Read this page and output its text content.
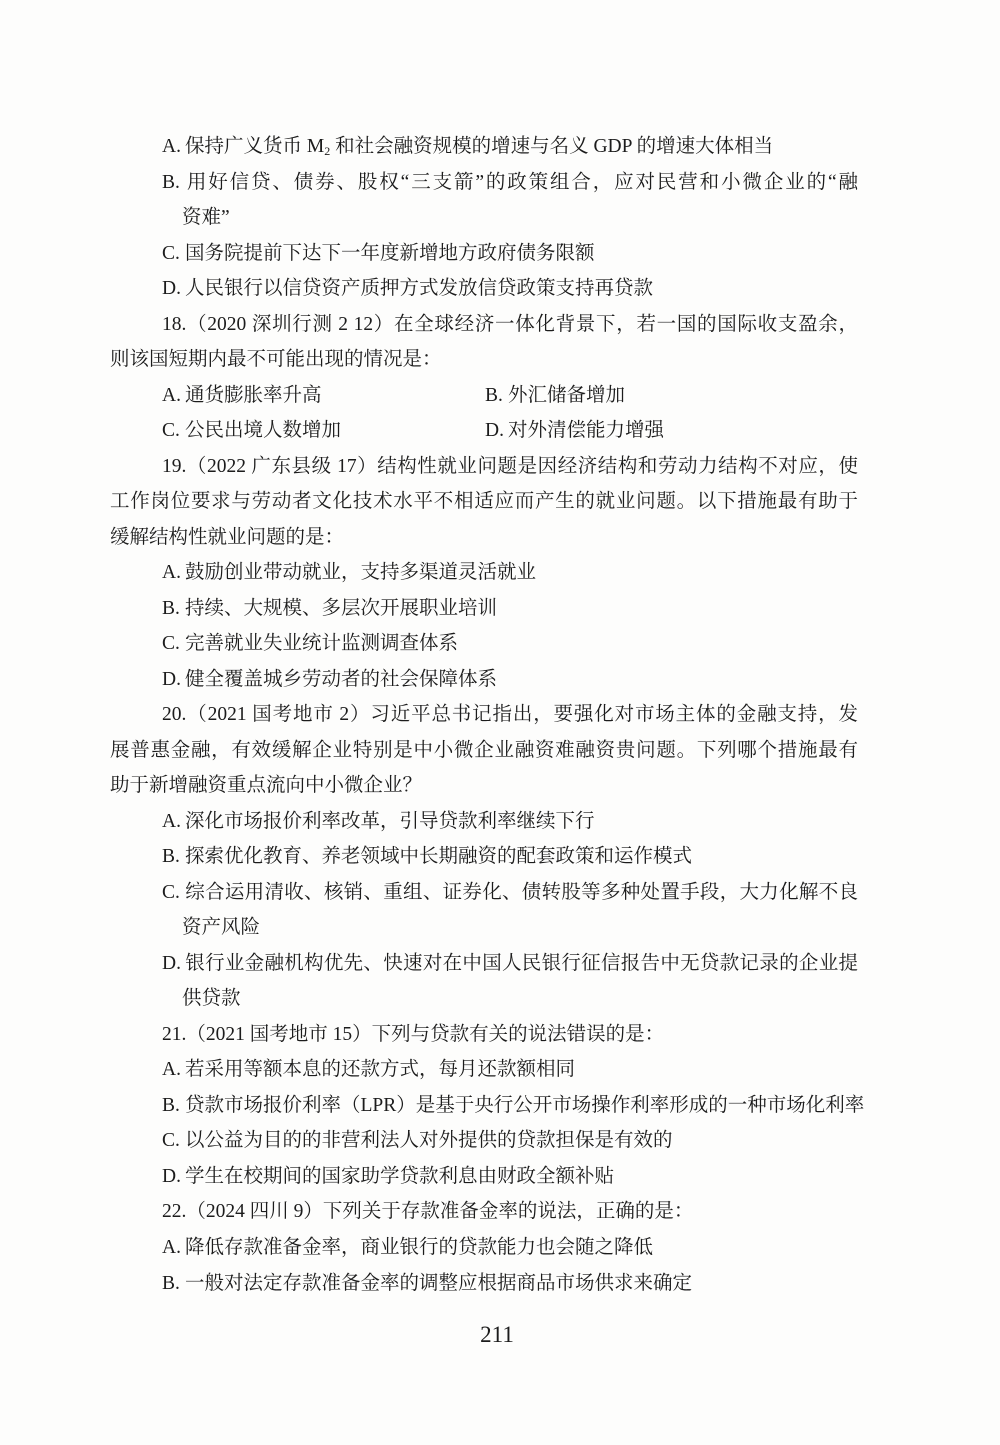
A. 保持广义货币 $M_2$ 和社会融资规模的增速与名义 GDP 的增速大体相当
B. 用好信贷、债券、股权“三支箭”的政策组合，应对民营和小微企业的“融
资难”
C. 国务院提前下达下一年度新增地方政府债务限额
D. 人民银行以信贷资产质押方式发放信贷政策支持再贷款
18.（2020 深圳行测 2 12）在全球经济一体化背景下，若一国的国际收支盈余，
则该国短期内最不可能出现的情况是：
A. 通货膨胀率升高	B. 外汇储备增加
C. 公民出境人数增加	D. 对外清偿能力增强
19.（2022 广东县级 17）结构性就业问题是因经济结构和劳动力结构不对应，使
工作岗位要求与劳动者文化技术水平不相适应而产生的就业问题。以下措施最有助于
缓解结构性就业问题的是：
A. 鼓励创业带动就业，支持多渠道灵活就业
B. 持续、大规模、多层次开展职业培训
C. 完善就业失业统计监测调查体系
D. 健全覆盖城乡劳动者的社会保障体系
20.（2021 国考地市 2）习近平总书记指出，要强化对市场主体的金融支持，发
展普惠金融，有效缓解企业特别是中小微企业融资难融资贵问题。下列哪个措施最有
助于新增融资重点流向中小微企业？
A. 深化市场报价利率改革，引导贷款利率继续下行
B. 探索优化教育、养老领域中长期融资的配套政策和运作模式
C. 综合运用清收、核销、重组、证券化、债转股等多种处置手段，大力化解不良
资产风险
D. 银行业金融机构优先、快速对在中国人民银行征信报告中无贷款记录的企业提
供贷款
21.（2021 国考地市 15）下列与贷款有关的说法错误的是：
A. 若采用等额本息的还款方式，每月还款额相同
B. 贷款市场报价利率（LPR）是基于央行公开市场操作利率形成的一种市场化利率
C. 以公益为目的的非营利法人对外提供的贷款担保是有效的
D. 学生在校期间的国家助学贷款利息由财政全额补贴
22.（2024 四川 9）下列关于存款准备金率的说法，正确的是：
A. 降低存款准备金率，商业银行的贷款能力也会随之降低
B. 一般对法定存款准备金率的调整应根据商品市场供求来确定
211
